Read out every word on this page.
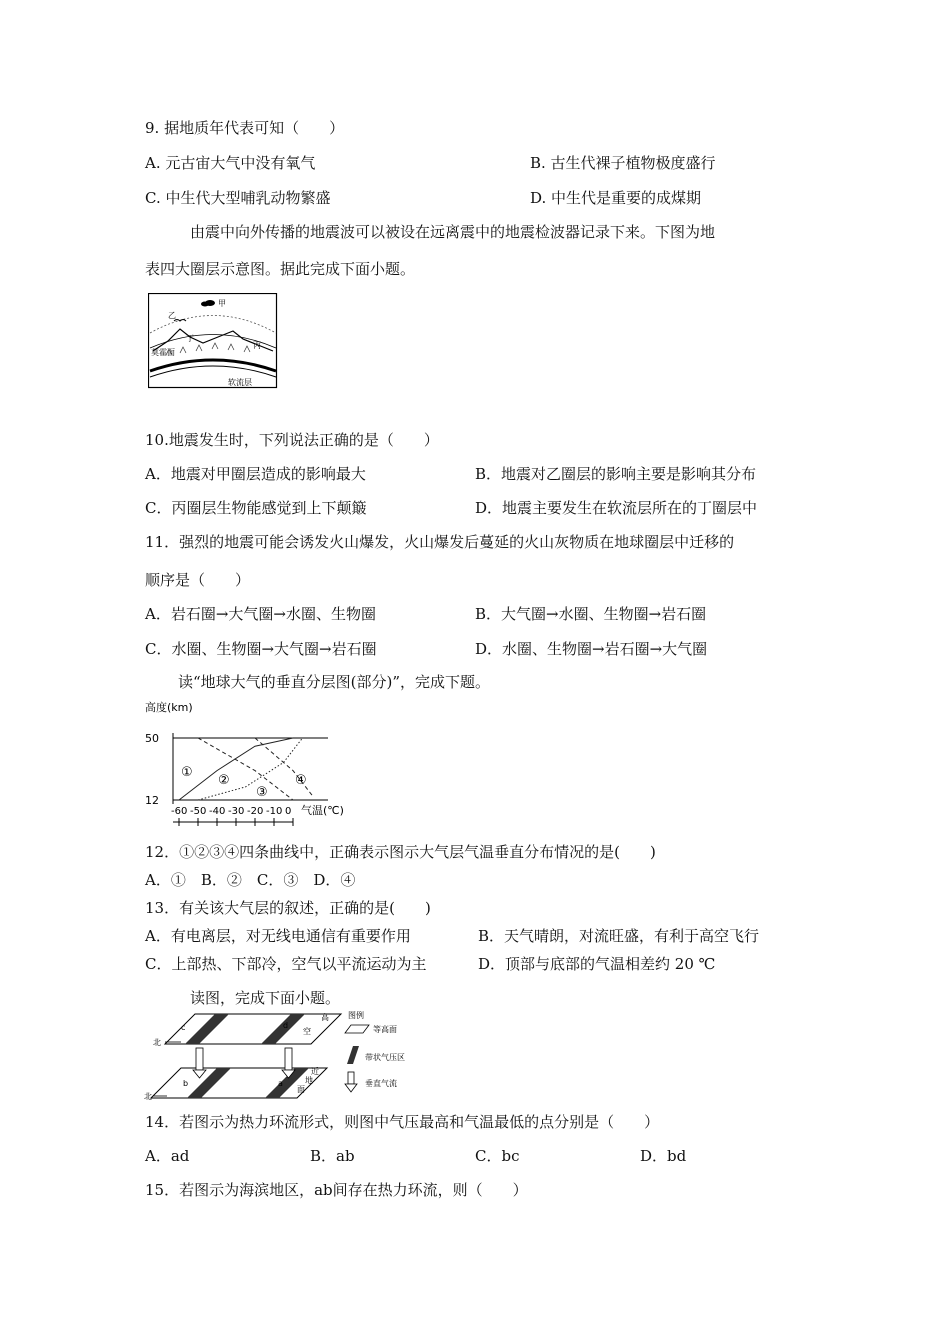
9. 据地质年代表可知（　　）
A. 元古宙大气中没有氧气	B. 古生代裸子植物极度盛行
C. 中生代大型哺乳动物繁盛	D. 中生代是重要的成煤期
由震中向外传播的地震波可以被设在远离震中的地震检波器记录下来。下图为地
表四大圈层示意图。据此完成下面小题。
甲
乙
丙
丁
莫霍面
软流层
10.地震发生时，下列说法正确的是（　　）
A．地震对甲圈层造成的影响最大	B．地震对乙圈层的影响主要是影响其分布
C．丙圈层生物能感觉到上下颠簸	D．地震主要发生在软流层所在的丁圈层中
11．强烈的地震可能会诱发火山爆发，火山爆发后蔓延的火山灰物质在地球圈层中迁移的
顺序是（　　）
A．岩石圈→大气圈→水圈、生物圈	B．大气圈→水圈、生物圈→岩石圈
C．水圈、生物圈→大气圈→岩石圈	D．水圈、生物圈→岩石圈→大气圈
读“地球大气的垂直分层图(部分)”，完成下题。
高度(km)
50
12
①
②
③
④
-60 -50 -40 -30 -20 -10 0 气温(℃)
12．①②③④四条曲线中，正确表示图示大气层气温垂直分布情况的是(　　)
A．①　B．②　C．③　D．④
13．有关该大气层的叙述，正确的是(　　)
A．有电离层，对无线电通信有重要作用	B．天气晴朗，对流旺盛，有利于高空飞行
C．上部热、下部冷，空气以平流运动为主	D．顶部与底部的气温相差约 20 ℃
读图，完成下面小题。
北
北
c	d
b	a
高
空
近
地
面
图例
等高面
带状气压区
垂直气流
14．若图示为热力环流形式，则图中气压最高和气温最低的点分别是（　　）
A．ad	B．ab	C．bc	D．bd
15．若图示为海滨地区，ab间存在热力环流，则（　　）
